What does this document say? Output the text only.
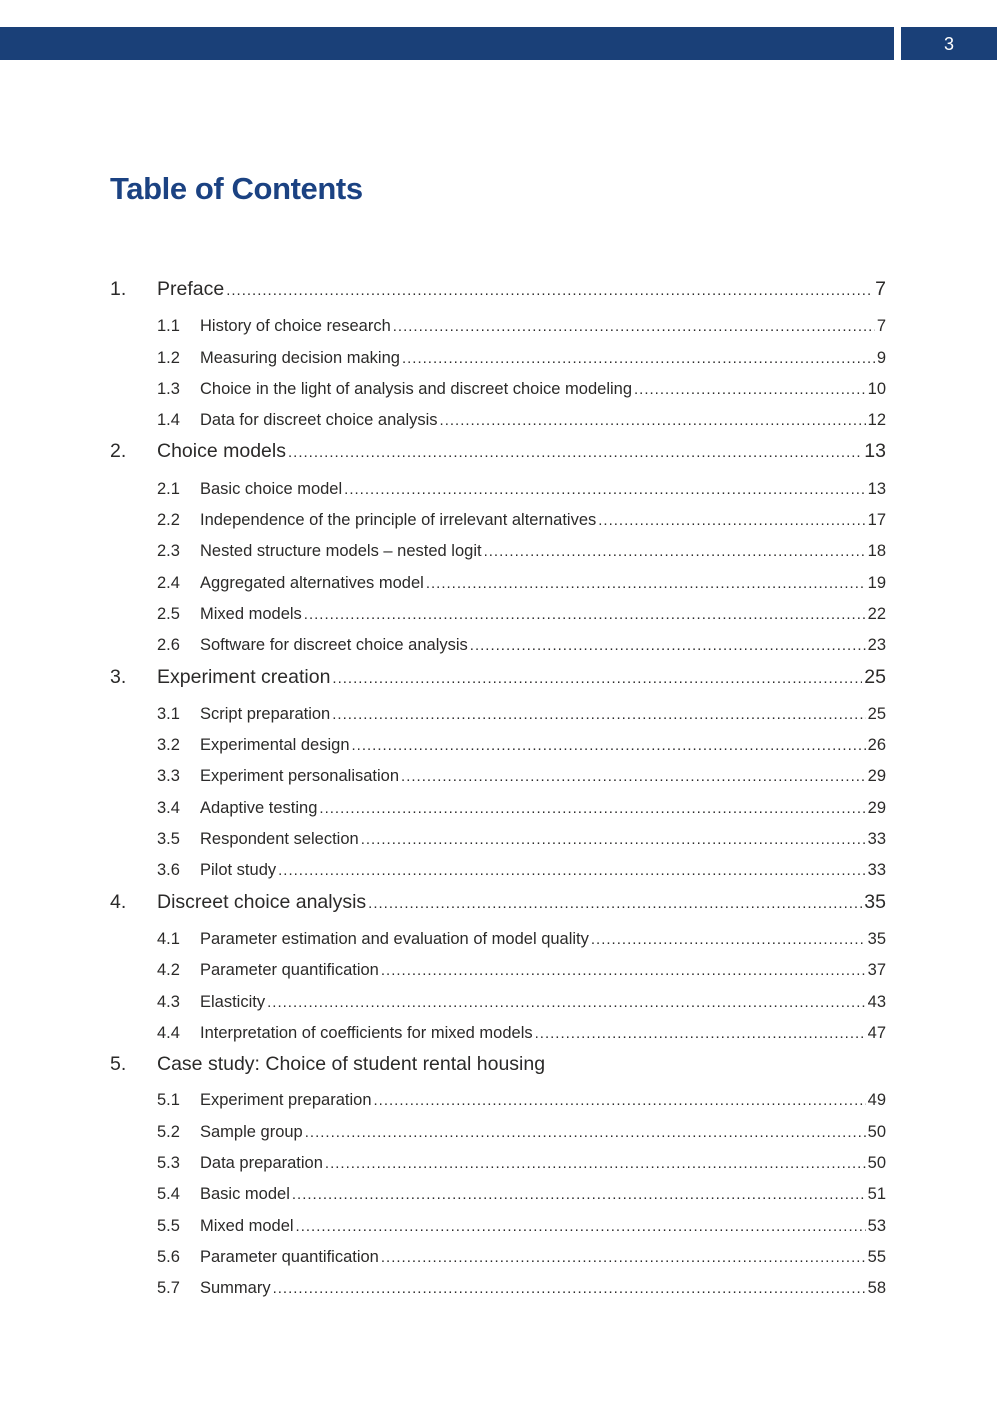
3
Table of Contents
1.	Preface .....	7
1.1	History of choice research .....	7
1.2	Measuring decision making .....	9
1.3	Choice in the light of analysis and discreet choice modeling .....	10
1.4	Data for discreet choice analysis .....	12
2.	Choice models .....	13
2.1	Basic choice model .....	13
2.2	Independence of the principle of irrelevant alternatives .....	17
2.3	Nested structure models – nested logit .....	18
2.4	Aggregated alternatives model .....	19
2.5	Mixed models .....	22
2.6	Software for discreet choice analysis .....	23
3.	Experiment creation .....	25
3.1	Script preparation .....	25
3.2	Experimental design .....	26
3.3	Experiment personalisation .....	29
3.4	Adaptive testing .....	29
3.5	Respondent selection .....	33
3.6	Pilot study .....	33
4.	Discreet choice analysis .....	35
4.1	Parameter estimation and evaluation of model quality .....	35
4.2	Parameter quantification .....	37
4.3	Elasticity .....	43
4.4	Interpretation of coefficients for mixed models .....	47
5.	Case study: Choice of student rental housing
5.1	Experiment preparation .....	49
5.2	Sample group .....	50
5.3	Data preparation .....	50
5.4	Basic model .....	51
5.5	Mixed model .....	53
5.6	Parameter quantification .....	55
5.7	Summary .....	58
